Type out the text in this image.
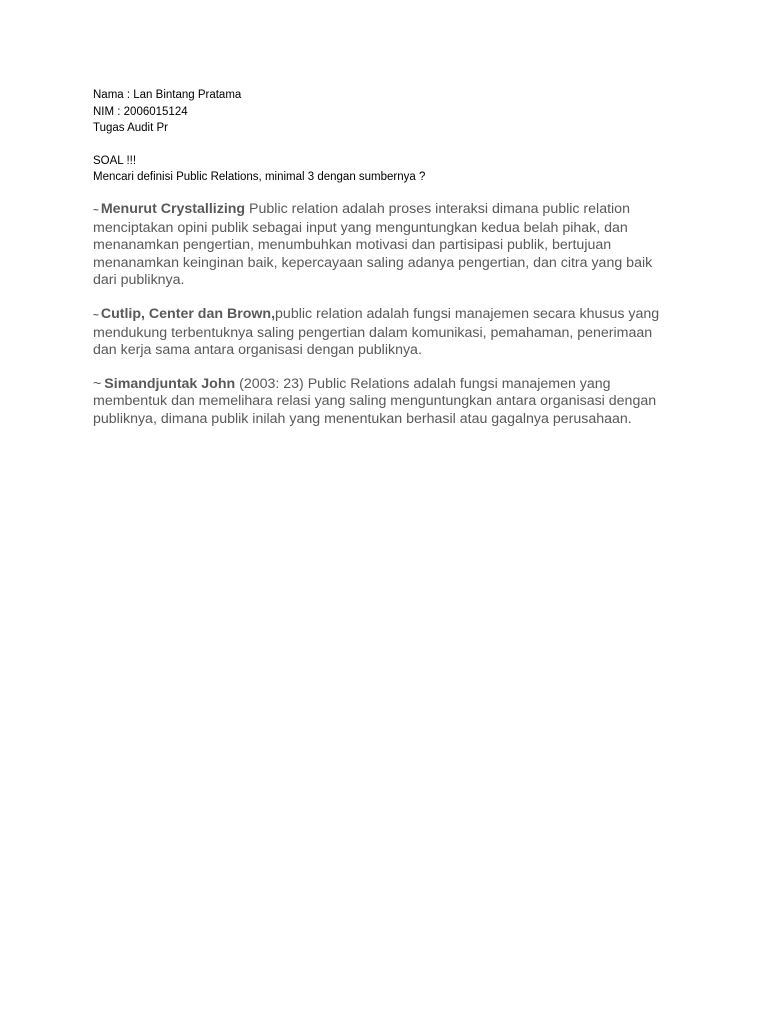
Nama : Lan Bintang Pratama
NIM : 2006015124
Tugas Audit Pr
SOAL !!!
Mencari definisi Public Relations, minimal 3 dengan sumbernya ?

~ Menurut Crystallizing Public relation adalah proses interaksi dimana public relation menciptakan opini publik sebagai input yang menguntungkan kedua belah pihak, dan menanamkan pengertian, menumbuhkan motivasi dan partisipasi publik, bertujuan menanamkan keinginan baik, kepercayaan saling adanya pengertian, dan citra yang baik dari publiknya.

~ Cutlip, Center dan Brown,public relation adalah fungsi manajemen secara khusus yang mendukung terbentuknya saling pengertian dalam komunikasi, pemahaman, penerimaan dan kerja sama antara organisasi dengan publiknya.

~ Simandjuntak John (2003: 23) Public Relations adalah fungsi manajemen yang membentuk dan memelihara relasi yang saling menguntungkan antara organisasi dengan publiknya, dimana publik inilah yang menentukan berhasil atau gagalnya perusahaan.
